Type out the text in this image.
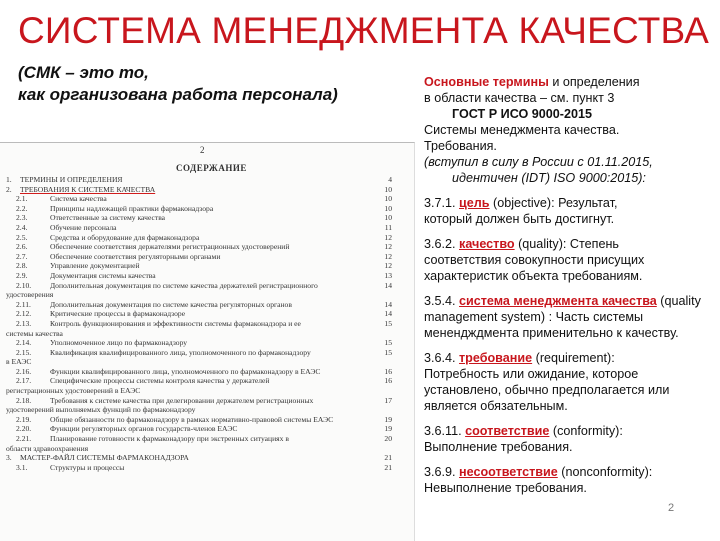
СИСТЕМА МЕНЕДЖМЕНТА КАЧЕСТВА
(СМК – это то,
как организована работа персонала)
2
СОДЕРЖАНИЕ
1. ТЕРМИНЫ И ОПРЕДЕЛЕНИЯ	4
2. ТРЕБОВАНИЯ К СИСТЕМЕ КАЧЕСТВА	10
2.1.	Система качества	10
2.2.	Принципы надлежащей практики фармаконадзора	10
2.3.	Ответственные за систему качества	10
2.4.	Обучение персонала	11
2.5.	Средства и оборудование для фармаконадзора	12
2.6.	Обеспечение соответствия держателями регистрационных удостоверений	12
2.7.	Обеспечение соответствия регуляторными органами	12
2.8.	Управление документацией	12
2.9.	Документация системы качества	13
2.10. Дополнительная документация по системе качества держателей регистрационного	14
удостоверения
2.11.	Дополнительная документация по системе качества регуляторных органов	14
2.12. Критические процессы в фармаконадзоре	14
2.13. Контроль функционирования и эффективности системы фармаконадзора и ее	15
системы качества
2.14. Уполномоченное лицо по фармаконадзору	15
2.15. Квалификация квалифицированного лица, уполномоченного по фармаконадзору	15
в ЕАЭС
2.16. Функции квалифицированного лица, уполномоченного по фармаконадзору в ЕАЭС	16
2.17. Специфические процессы системы контроля качества у держателей	16
регистрационных удостоверений в ЕАЭС
2.18. Требования к системе качества при делегировании держателем регистрационных	17
удостоверений выполняемых функций по фармаконадзору
2.19. Общие обязанности по фармаконадзору в рамках нормативно-правовой системы ЕАЭС	19
2.20. Функции регуляторных органов государств-членов ЕАЭС	19
2.21. Планирование готовности к фармаконадзору при экстренных ситуациях в	20
области здравоохранения
3. МАСТЕР-ФАЙЛ СИСТЕМЫ ФАРМАКОНАДЗОРА	21
3.1.	Структуры и процессы	21

Основные термины и определения
в области качества – см. пункт 3

ГОСТ Р ИСО 9000-2015
Системы менеджмента качества.
Требования.
(вступил в силу в России с 01.11.2015,

идентичен (IDT) ISO 9000:2015):

3.7.1. цель (objective): Результат,
который должен быть достигнут.

3.6.2. качество (quality): Степень
соответствия совокупности присущих характеристик объекта требованиям.

3.5.4. система менеджмента качества (quality management system) : Часть системы менендждмента применительно к качеству.

3.6.4. требование (requirement):
Потребность или ожидание, которое установлено, обычно предполагается или является обязательным.

3.6.11. соответствие (conformity):
Выполнение требования.

3.6.9. несоответствие (nonconformity):
Невыполнение требования.

2
